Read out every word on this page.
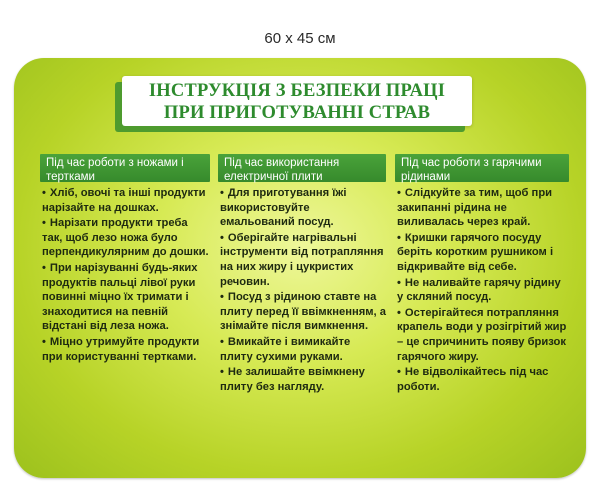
60 x 45 см
ІНСТРУКЦІЯ З БЕЗПЕКИ ПРАЦІ
ПРИ ПРИГОТУВАННІ СТРАВ
Під час роботи з ножами і тертками
• Хліб, овочі та інші продукти нарізайте на дошках.
• Нарізати продукти треба так, щоб лезо ножа було перпендикулярним до дошки.
• При нарізуванні будь-яких продуктів пальці лівої руки повинні міцно їх тримати і знаходитися на певній відстані від леза ножа.
• Міцно утримуйте продукти при користуванні тертками.
Під час використання електричної плити
• Для приготування їжі використовуйте емальований посуд.
• Оберігайте нагрівальні інструменти від потрапляння на них жиру і цукристих речовин.
• Посуд з рідиною ставте на плиту перед її ввімкненням, а знімайте після вимкнення.
• Вмикайте і вимикайте плиту сухими руками.
• Не залишайте ввімкнену плиту без нагляду.
Під час роботи з гарячими рідинами
• Слідкуйте за тим, щоб при закипанні рідина не виливалась через край.
• Кришки гарячого посуду беріть коротким рушником і відкривайте від себе.
• Не наливайте гарячу рідину у скляний посуд.
• Остерігайтеся потрапляння крапель води у розігрітий жир – це спричинить появу бризок гарячого жиру.
• Не відволікайтесь під час роботи.
